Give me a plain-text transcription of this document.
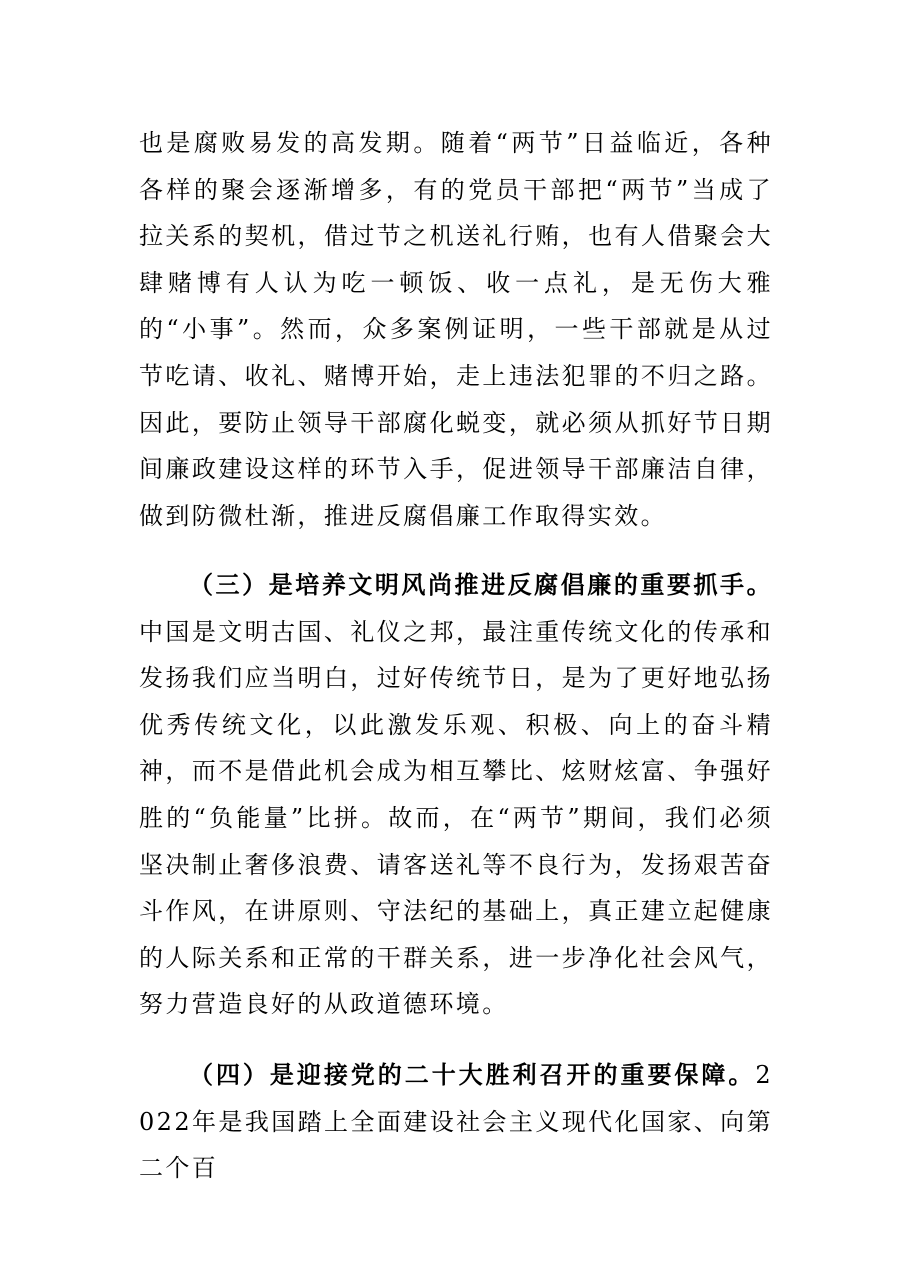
也是腐败易发的高发期。随着“两节”日益临近，各种各样的聚会逐渐增多，有的党员干部把“两节”当成了拉关系的契机，借过节之机送礼行贿，也有人借聚会大肆赌博有人认为吃一顿饭、收一点礼，是无伤大雅的“小事”。然而，众多案例证明，一些干部就是从过节吃请、收礼、赌博开始，走上违法犯罪的不归之路。因此，要防止领导干部腐化蜕变，就必须从抓好节日期间廉政建设这样的环节入手，促进领导干部廉洁自律，做到防微杜渐，推进反腐倡廉工作取得实效。

（三）是培养文明风尚推进反腐倡廉的重要抓手。中国是文明古国、礼仪之邦，最注重传统文化的传承和发扬我们应当明白，过好传统节日，是为了更好地弘扬优秀传统文化，以此激发乐观、积极、向上的奋斗精神，而不是借此机会成为相互攀比、炫财炫富、争强好胜的“负能量”比拼。故而，在“两节”期间，我们必须坚决制止奢侈浪费、请客送礼等不良行为，发扬艰苦奋斗作风，在讲原则、守法纪的基础上，真正建立起健康的人际关系和正常的干群关系，进一步净化社会风气，努力营造良好的从政道德环境。

（四）是迎接党的二十大胜利召开的重要保障。2022年是我国踏上全面建设社会主义现代化国家、向第二个百
